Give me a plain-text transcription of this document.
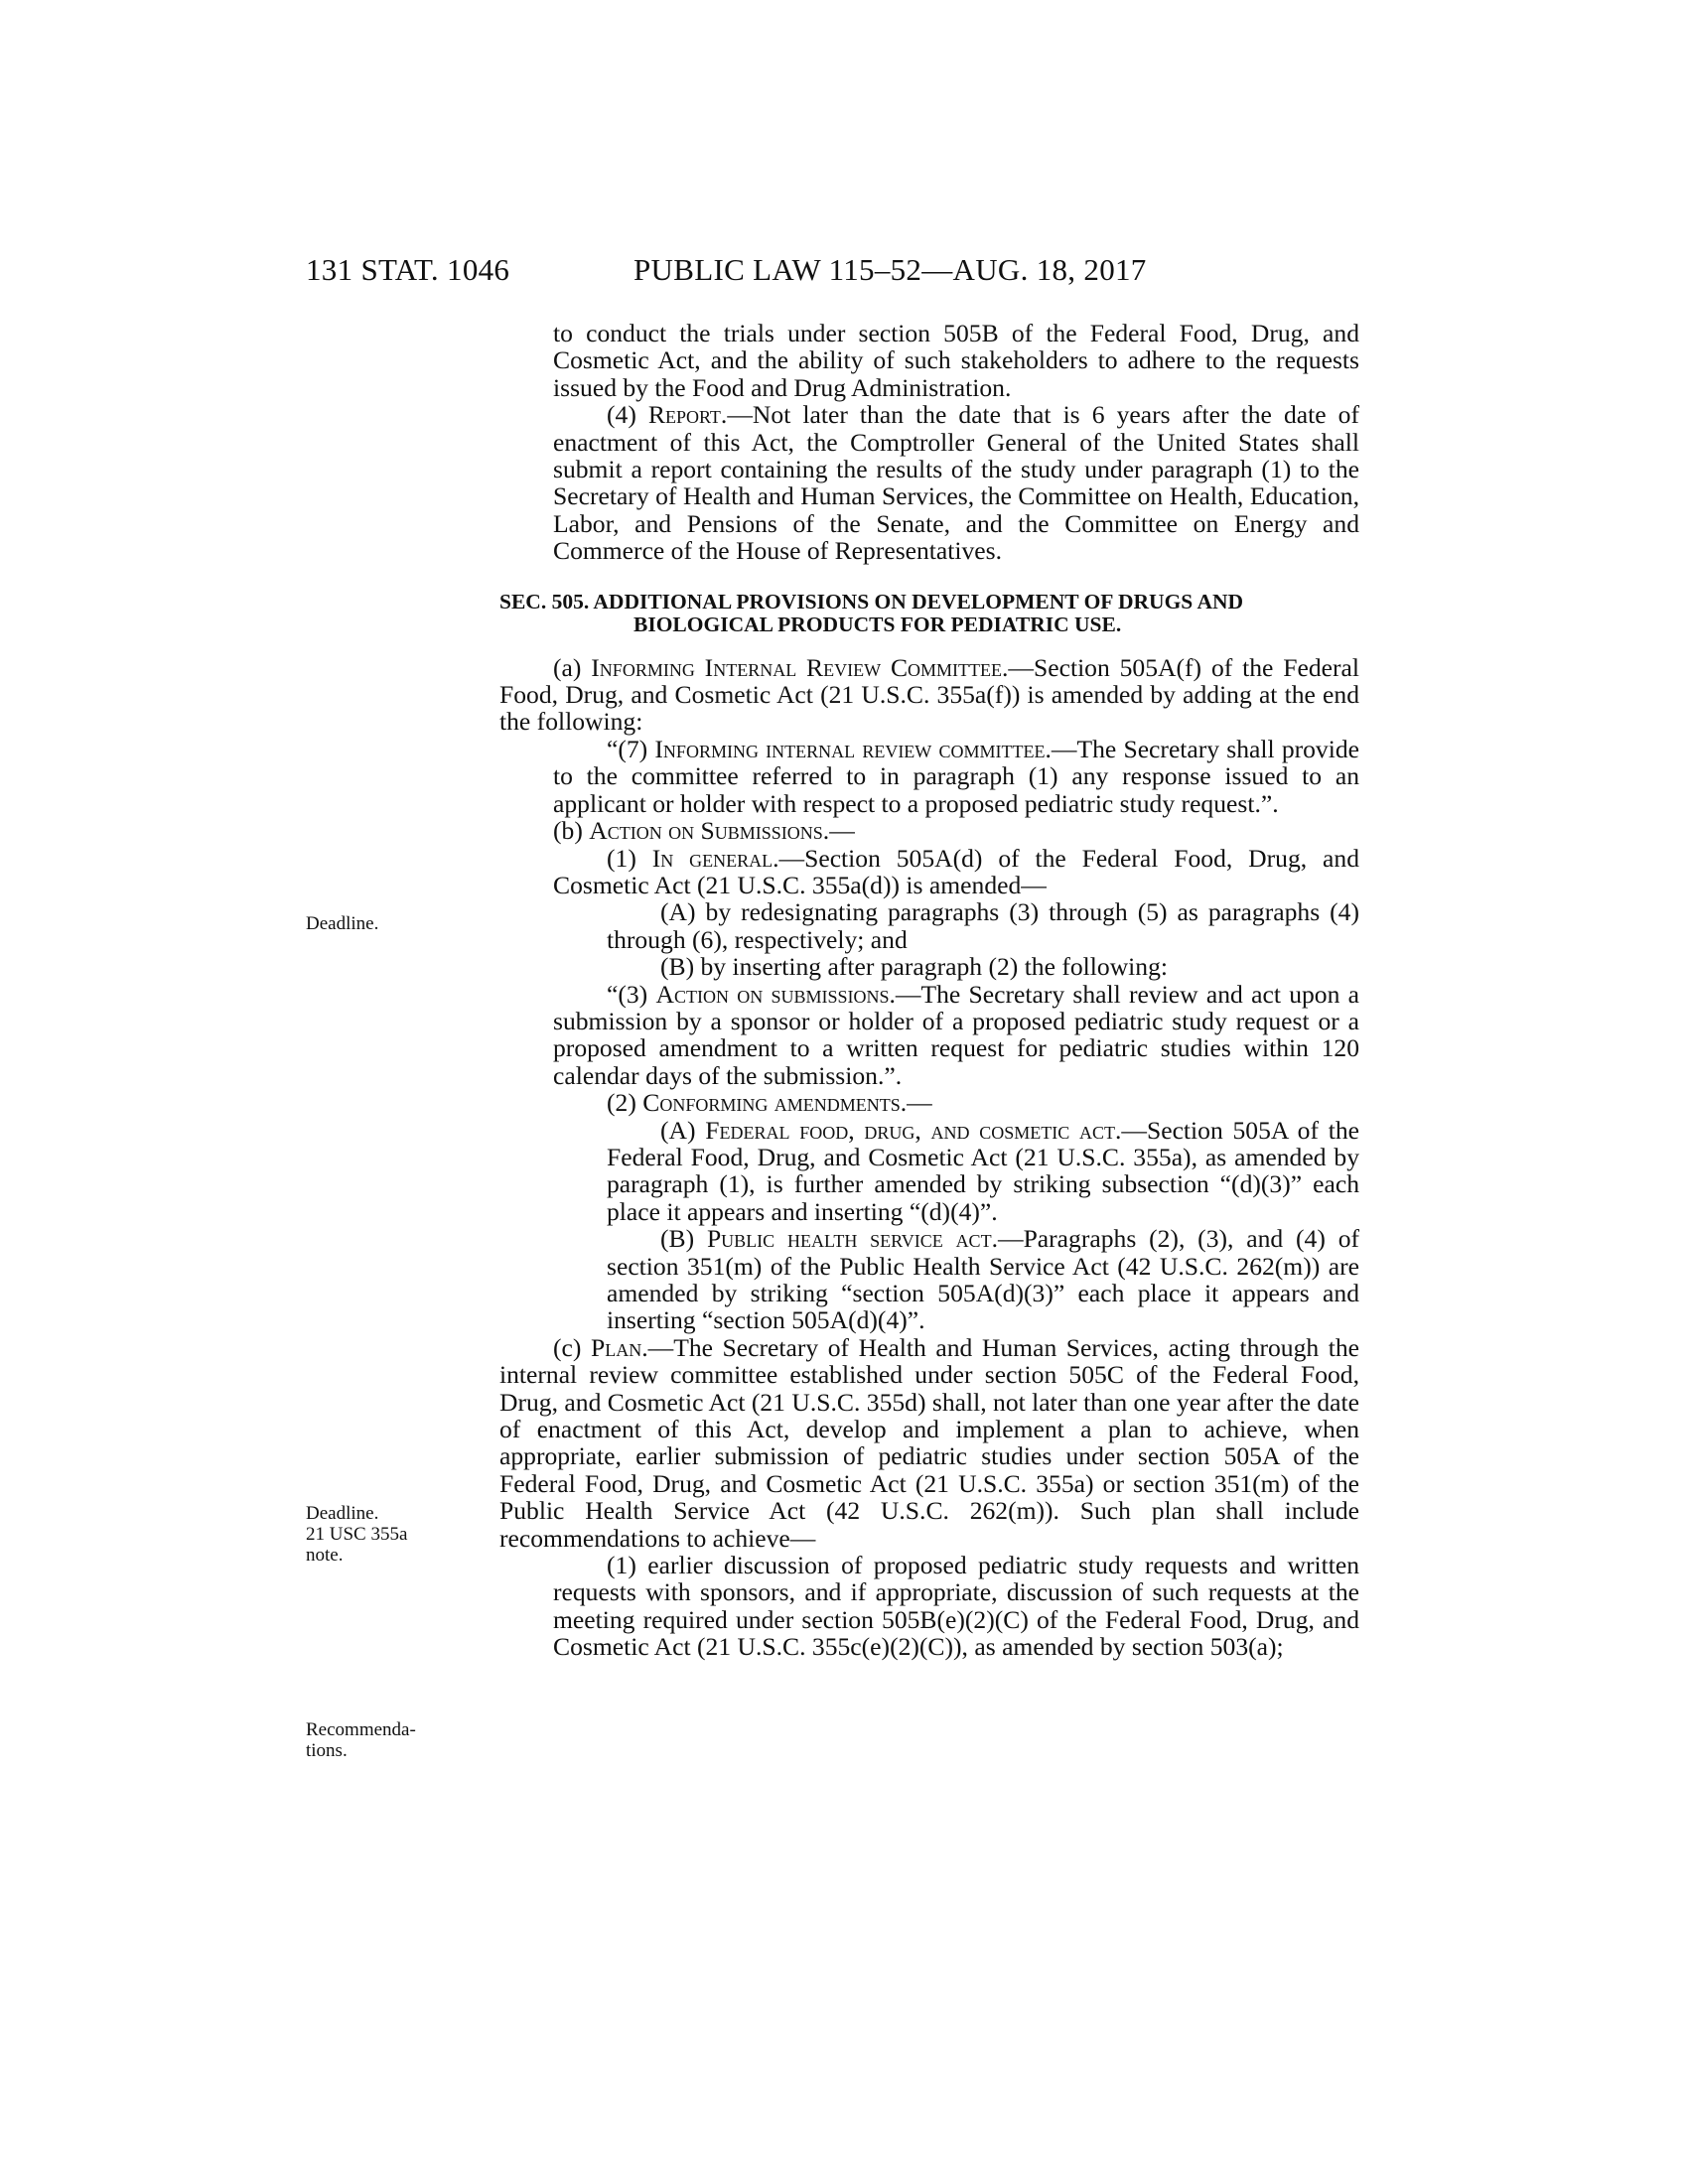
131 STAT. 1046	PUBLIC LAW 115–52—AUG. 18, 2017
Deadline.
Deadline.
21 USC 355a
note.
Recommenda-
tions.

to conduct the trials under section 505B of the Federal Food, Drug, and Cosmetic Act, and the ability of such stakeholders to adhere to the requests issued by the Food and Drug Administration.

(4) Report.—Not later than the date that is 6 years after the date of enactment of this Act, the Comptroller General of the United States shall submit a report containing the results of the study under paragraph (1) to the Secretary of Health and Human Services, the Committee on Health, Education, Labor, and Pensions of the Senate, and the Committee on Energy and Commerce of the House of Representatives.

SEC. 505. ADDITIONAL PROVISIONS ON DEVELOPMENT OF DRUGS AND
BIOLOGICAL PRODUCTS FOR PEDIATRIC USE.

(a) Informing Internal Review Committee.—Section 505A(f) of the Federal Food, Drug, and Cosmetic Act (21 U.S.C. 355a(f)) is amended by adding at the end the following:

“(7) Informing internal review committee.—The Secretary shall provide to the committee referred to in paragraph (1) any response issued to an applicant or holder with respect to a proposed pediatric study request.”.

(b) Action on Submissions.—

(1) In general.—Section 505A(d) of the Federal Food, Drug, and Cosmetic Act (21 U.S.C. 355a(d)) is amended—

(A) by redesignating paragraphs (3) through (5) as paragraphs (4) through (6), respectively; and

(B) by inserting after paragraph (2) the following:

“(3) Action on submissions.—The Secretary shall review and act upon a submission by a sponsor or holder of a proposed pediatric study request or a proposed amendment to a written request for pediatric studies within 120 calendar days of the submission.”.

(2) Conforming amendments.—

(A) Federal food, drug, and cosmetic act.—Section 505A of the Federal Food, Drug, and Cosmetic Act (21 U.S.C. 355a), as amended by paragraph (1), is further amended by striking subsection “(d)(3)” each place it appears and inserting “(d)(4)”.

(B) Public health service act.—Paragraphs (2), (3), and (4) of section 351(m) of the Public Health Service Act (42 U.S.C. 262(m)) are amended by striking “section 505A(d)(3)” each place it appears and inserting “section 505A(d)(4)”.

(c) Plan.—The Secretary of Health and Human Services, acting through the internal review committee established under section 505C of the Federal Food, Drug, and Cosmetic Act (21 U.S.C. 355d) shall, not later than one year after the date of enactment of this Act, develop and implement a plan to achieve, when appropriate, earlier submission of pediatric studies under section 505A of the Federal Food, Drug, and Cosmetic Act (21 U.S.C. 355a) or section 351(m) of the Public Health Service Act (42 U.S.C. 262(m)). Such plan shall include recommendations to achieve—

(1) earlier discussion of proposed pediatric study requests and written requests with sponsors, and if appropriate, discussion of such requests at the meeting required under section 505B(e)(2)(C) of the Federal Food, Drug, and Cosmetic Act (21 U.S.C. 355c(e)(2)(C)), as amended by section 503(a);
